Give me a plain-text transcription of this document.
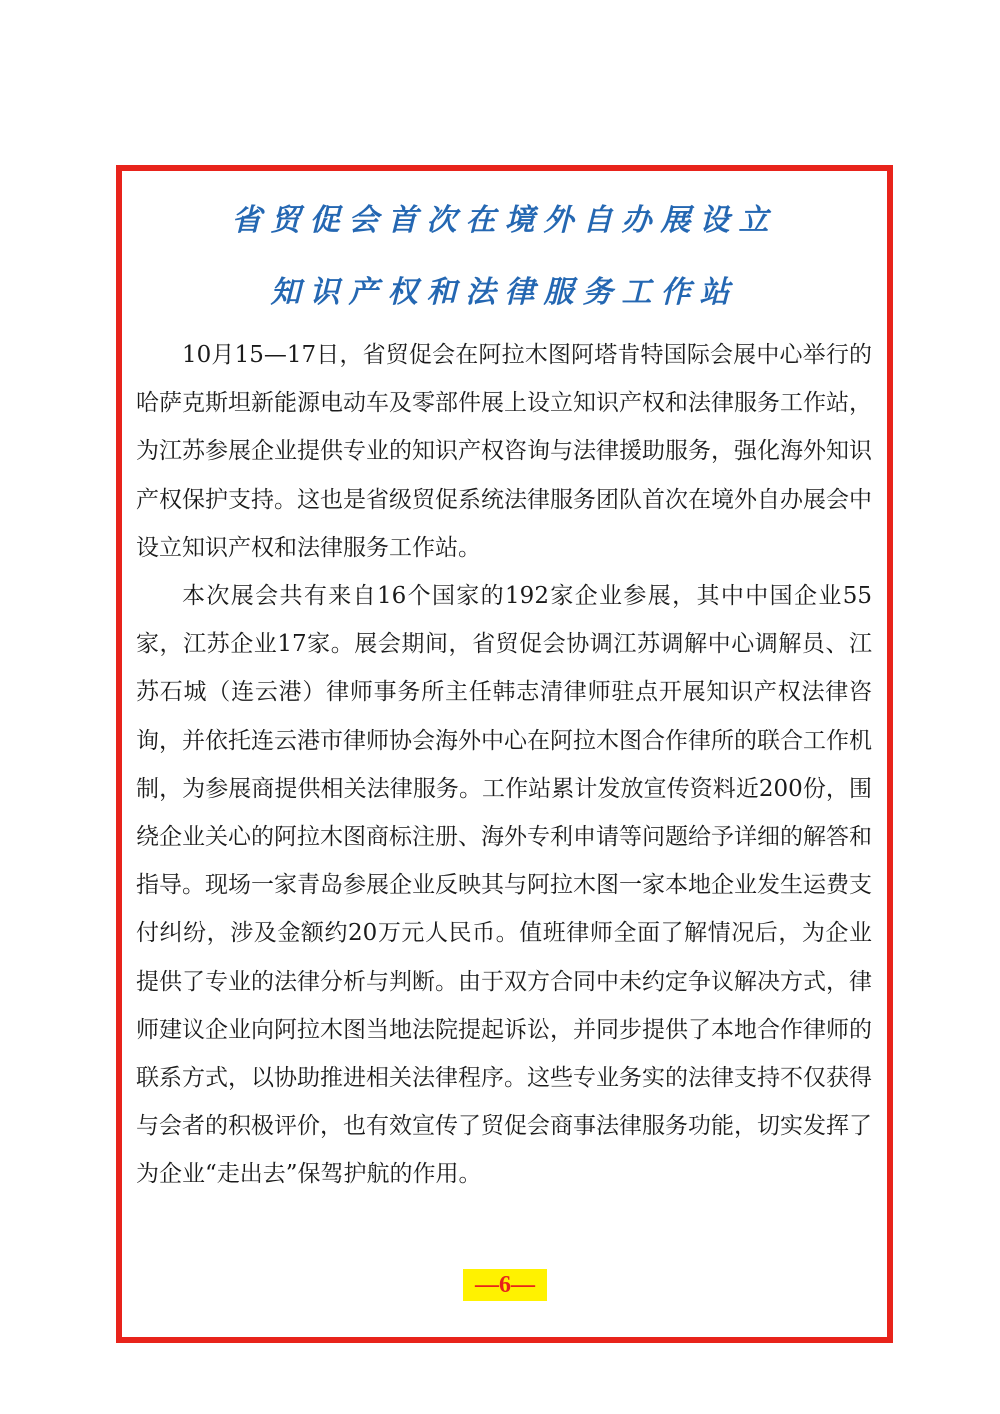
省贸促会首次在境外自办展设立
知识产权和法律服务工作站

10月15—17日，省贸促会在阿拉木图阿塔肯特国际会展中心举行的哈萨克斯坦新能源电动车及零部件展上设立知识产权和法律服务工作站，为江苏参展企业提供专业的知识产权咨询与法律援助服务，强化海外知识产权保护支持。这也是省级贸促系统法律服务团队首次在境外自办展会中设立知识产权和法律服务工作站。

本次展会共有来自16个国家的192家企业参展，其中中国企业55家，江苏企业17家。展会期间，省贸促会协调江苏调解中心调解员、江苏石城（连云港）律师事务所主任韩志清律师驻点开展知识产权法律咨询，并依托连云港市律师协会海外中心在阿拉木图合作律所的联合工作机制，为参展商提供相关法律服务。工作站累计发放宣传资料近200份，围绕企业关心的阿拉木图商标注册、海外专利申请等问题给予详细的解答和指导。现场一家青岛参展企业反映其与阿拉木图一家本地企业发生运费支付纠纷，涉及金额约20万元人民币。值班律师全面了解情况后，为企业提供了专业的法律分析与判断。由于双方合同中未约定争议解决方式，律师建议企业向阿拉木图当地法院提起诉讼，并同步提供了本地合作律师的联系方式，以协助推进相关法律程序。这些专业务实的法律支持不仅获得与会者的积极评价，也有效宣传了贸促会商事法律服务功能，切实发挥了为企业“走出去”保驾护航的作用。

—6—
